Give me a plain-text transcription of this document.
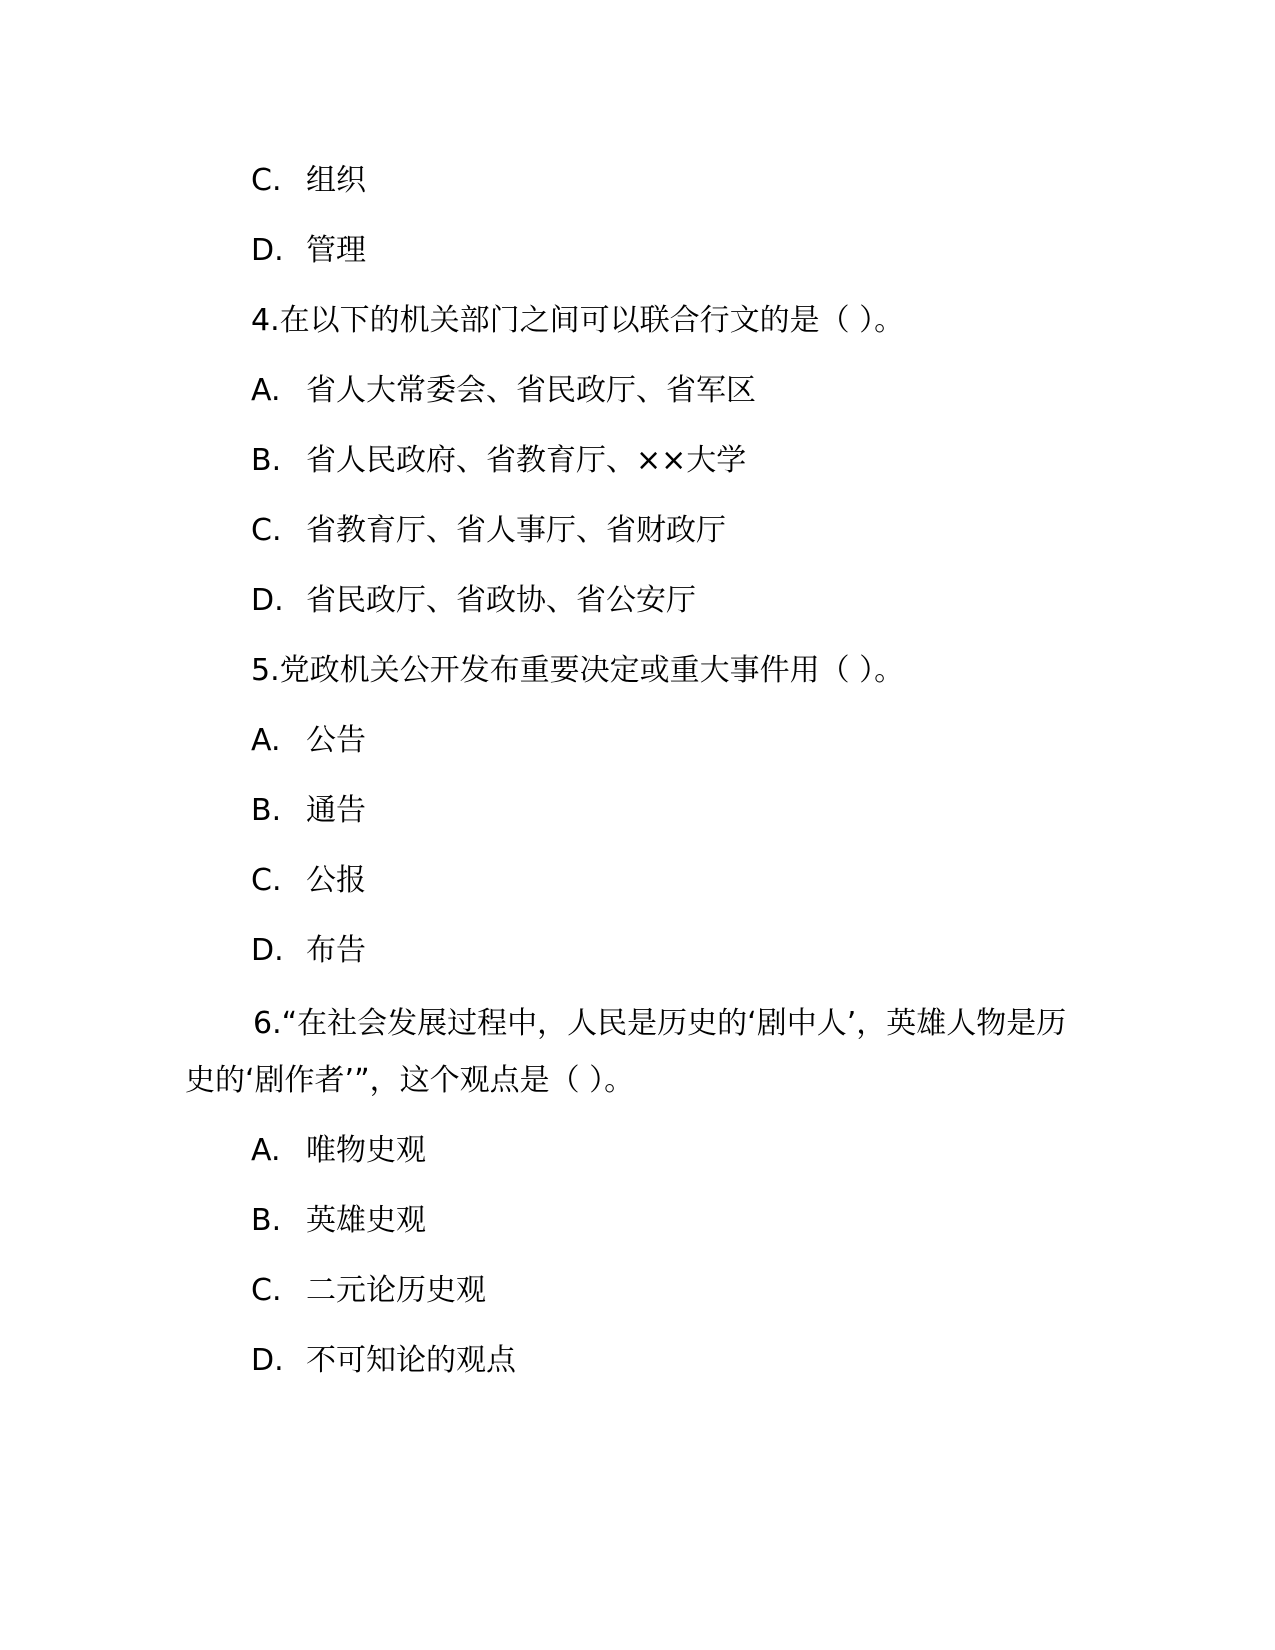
C. 组织
D. 管理
4.在以下的机关部门之间可以联合行文的是（ ）。
A. 省人大常委会、省民政厅、省军区
B. 省人民政府、省教育厅、××大学
C. 省教育厅、省人事厅、省财政厅
D. 省民政厅、省政协、省公安厅
5.党政机关公开发布重要决定或重大事件用（ ）。
A. 公告
B. 通告
C. 公报
D. 布告
6.“在社会发展过程中，人民是历史的‘剧中人’，英雄人物是历史的‘剧作者’”，这个观点是（ ）。
A. 唯物史观
B. 英雄史观
C. 二元论历史观
D. 不可知论的观点
